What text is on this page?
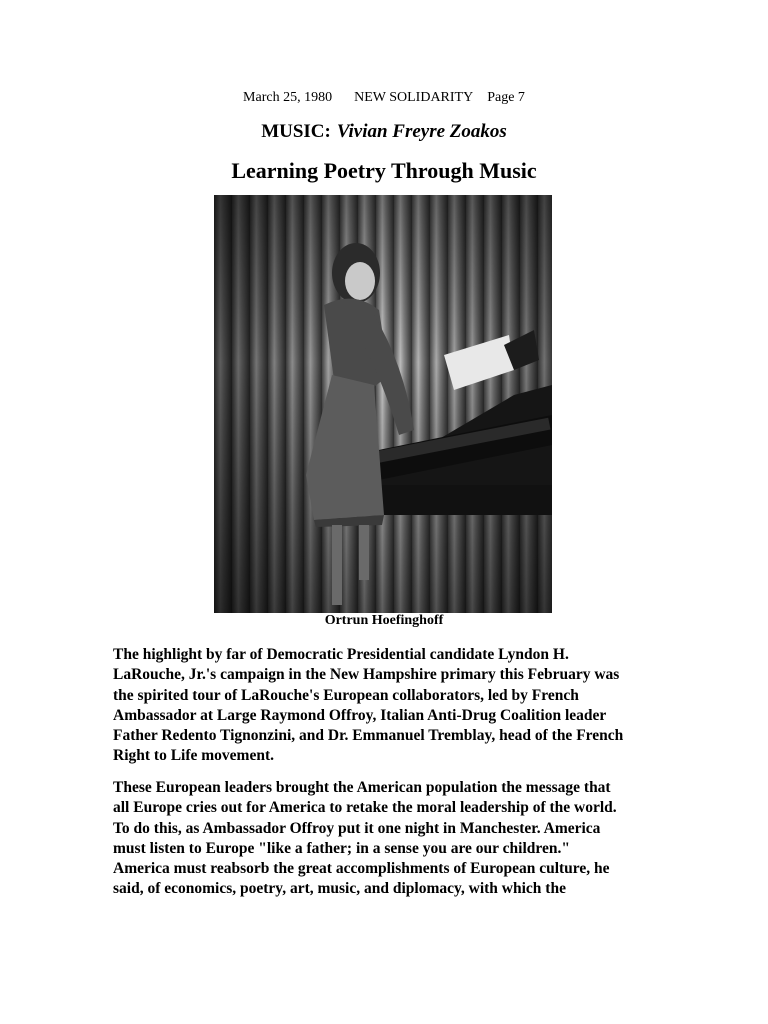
March 25, 1980 NEW SOLIDARITY Page 7
MUSIC: Vivian Freyre Zoakos
Learning Poetry Through Music
Ortrun Hoefinghoff
The highlight by far of Democratic Presidential candidate Lyndon H.
LaRouche, Jr.'s campaign in the New Hampshire primary this February was
the spirited tour of LaRouche's European collaborators, led by French
Ambassador at Large Raymond Offroy, Italian Anti-Drug Coalition leader
Father Redento Tignonzini, and Dr. Emmanuel Tremblay, head of the French
Right to Life movement.
These European leaders brought the American population the message that
all Europe cries out for America to retake the moral leadership of the world.
To do this, as Ambassador Offroy put it one night in Manchester. America
must listen to Europe "like a father; in a sense you are our children."
America must reabsorb the great accomplishments of European culture, he
said, of economics, poetry, art, music, and diplomacy, with which the
